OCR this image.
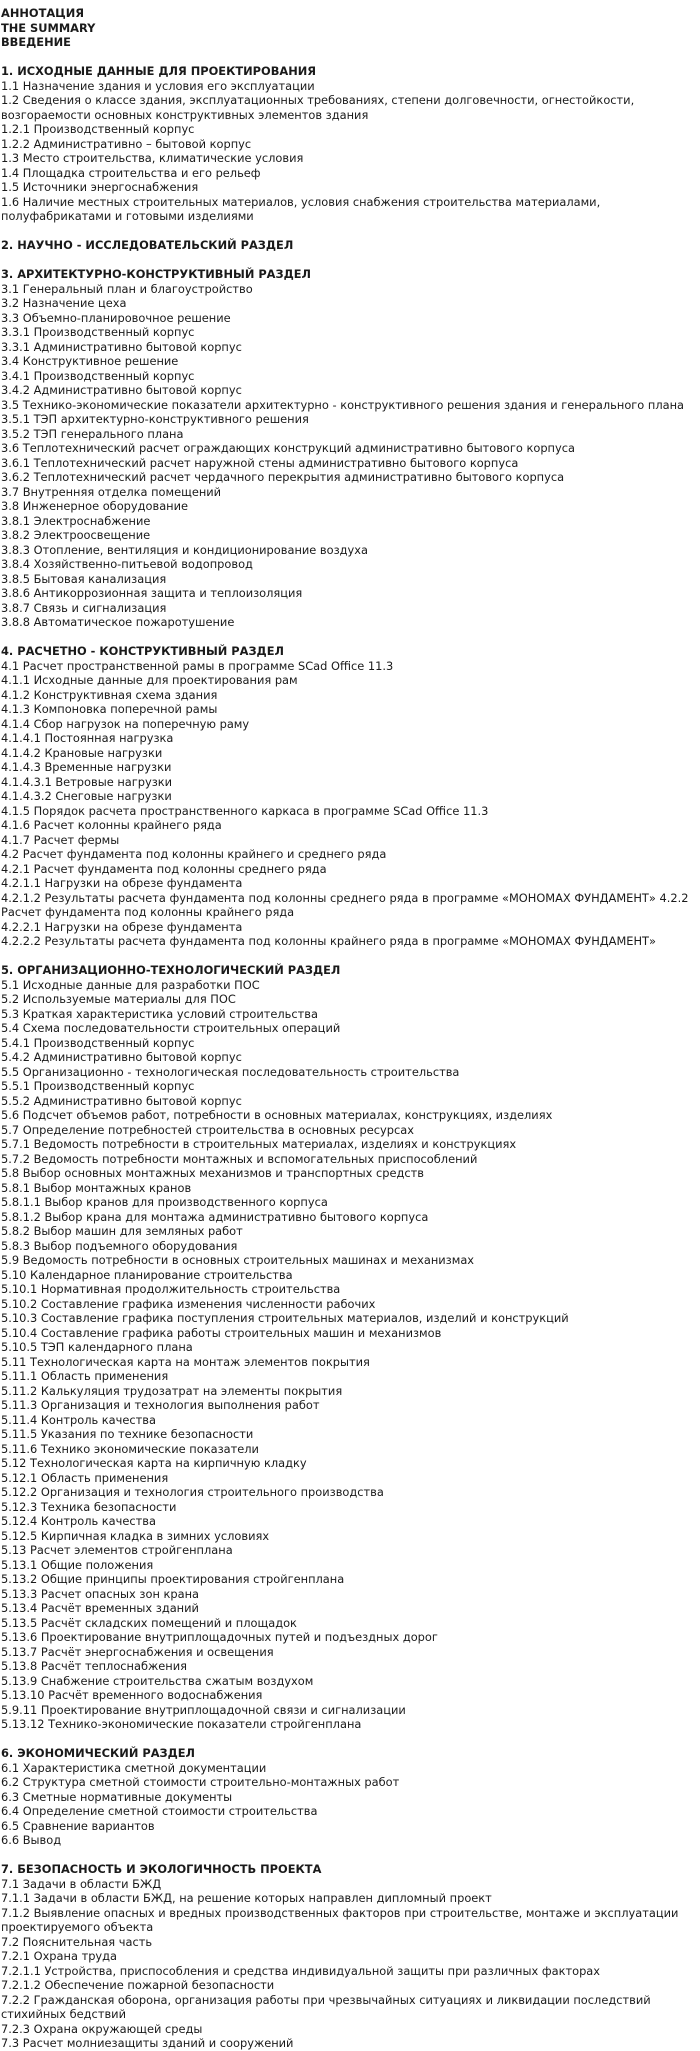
АННОТАЦИЯ
THE SUMMARY
ВВЕДЕНИЕ
1. ИСХОДНЫЕ ДАННЫЕ ДЛЯ ПРОЕКТИРОВАНИЯ
1.1 Назначение здания и условия его эксплуатации
1.2 Сведения о классе здания, эксплуатационных требованиях, степени долговечности, огнестойкости, возгораемости основных конструктивных элементов здания
1.2.1 Производственный корпус
1.2.2 Административно – бытовой корпус
1.3 Место строительства, климатические условия
1.4 Площадка строительства и его рельеф
1.5 Источники энергоснабжения
1.6 Наличие местных строительных материалов, условия снабжения строительства материалами, полуфабрикатами и готовыми изделиями
2. НАУЧНО - ИССЛЕДОВАТЕЛЬСКИЙ РАЗДЕЛ
3. АРХИТЕКТУРНО-КОНСТРУКТИВНЫЙ РАЗДЕЛ
3.1 Генеральный план и благоустройство
3.2 Назначение цеха
3.3 Объемно-планировочное решение
3.3.1 Производственный корпус
3.3.1 Административно бытовой корпус
3.4 Конструктивное решение
3.4.1 Производственный корпус
3.4.2 Административно бытовой корпус
3.5 Технико-экономические показатели архитектурно - конструктивного решения здания и генерального плана
3.5.1 ТЭП архитектурно-конструктивного решения
3.5.2 ТЭП генерального плана
3.6 Теплотехнический расчет ограждающих конструкций административно бытового корпуса
3.6.1 Теплотехнический расчет наружной стены административно бытового корпуса
3.6.2 Теплотехнический расчет чердачного перекрытия административно бытового корпуса
3.7 Внутренняя отделка помещений
3.8 Инженерное оборудование
3.8.1 Электроснабжение
3.8.2 Электроосвещение
3.8.3 Отопление, вентиляция и кондиционирование воздуха
3.8.4 Хозяйственно-питьевой водопровод
3.8.5 Бытовая канализация
3.8.6 Антикоррозионная защита и теплоизоляция
3.8.7 Связь и сигнализация
3.8.8 Автоматическое пожаротушение
4. РАСЧЕТНО - КОНСТРУКТИВНЫЙ РАЗДЕЛ
4.1 Расчет пространственной рамы в программе SCad Office 11.3
4.1.1 Исходные данные для проектирования рам
4.1.2 Конструктивная схема здания
4.1.3 Компоновка поперечной рамы
4.1.4 Сбор нагрузок на поперечную раму
4.1.4.1 Постоянная нагрузка
4.1.4.2 Крановые нагрузки
4.1.4.3 Временные нагрузки
4.1.4.3.1 Ветровые нагрузки
4.1.4.3.2 Снеговые нагрузки
4.1.5 Порядок расчета пространственного каркаса в программе SCad Office 11.3
4.1.6 Расчет колонны крайнего ряда
4.1.7 Расчет фермы
4.2 Расчет фундамента под колонны крайнего и среднего ряда
4.2.1 Расчет фундамента под колонны среднего ряда
4.2.1.1 Нагрузки на обрезе фундамента
4.2.1.2 Результаты расчета фундамента под колонны среднего ряда в программе «МОНОМАХ ФУНДАМЕНТ» 4.2.2 Расчет фундамента под колонны крайнего ряда
4.2.2.1 Нагрузки на обрезе фундамента
4.2.2.2 Результаты расчета фундамента под колонны крайнего ряда в программе «МОНОМАХ ФУНДАМЕНТ»
5. ОРГАНИЗАЦИОННО-ТЕХНОЛОГИЧЕСКИЙ РАЗДЕЛ
5.1 Исходные данные для разработки ПОС
5.2 Используемые материалы для ПОС
5.3 Краткая характеристика условий строительства
5.4 Схема последовательности строительных операций
5.4.1 Производственный корпус
5.4.2 Административно бытовой корпус
5.5 Организационно - технологическая последовательность строительства
5.5.1 Производственный корпус
5.5.2 Административно бытовой корпус
5.6 Подсчет объемов работ, потребности в основных материалах, конструкциях, изделиях
5.7 Определение потребностей строительства в основных ресурсах
5.7.1 Ведомость потребности в строительных материалах, изделиях и конструкциях
5.7.2 Ведомость потребности монтажных и вспомогательных приспособлений
5.8 Выбор основных монтажных механизмов и транспортных средств
5.8.1 Выбор монтажных кранов
5.8.1.1 Выбор кранов для производственного корпуса
5.8.1.2 Выбор крана для монтажа административно бытового корпуса
5.8.2 Выбор машин для земляных работ
5.8.3 Выбор подъемного оборудования
5.9 Ведомость потребности в основных строительных машинах и механизмах
5.10 Календарное планирование строительства
5.10.1 Нормативная продолжительность строительства
5.10.2 Составление графика изменения численности рабочих
5.10.3 Составление графика поступления строительных материалов, изделий и конструкций
5.10.4 Составление графика работы строительных машин и механизмов
5.10.5 ТЭП календарного плана
5.11 Технологическая карта на монтаж элементов покрытия
5.11.1 Область применения
5.11.2 Калькуляция трудозатрат на элементы покрытия
5.11.3 Организация и технология выполнения работ
5.11.4 Контроль качества
5.11.5 Указания по технике безопасности
5.11.6 Технико экономические показатели
5.12 Технологическая карта на кирпичную кладку
5.12.1 Область применения
5.12.2 Организация и технология строительного производства
5.12.3 Техника безопасности
5.12.4 Контроль качества
5.12.5 Кирпичная кладка в зимних условиях
5.13 Расчет элементов стройгенплана
5.13.1 Общие положения
5.13.2 Общие принципы проектирования стройгенплана
5.13.3 Расчет опасных зон крана
5.13.4 Расчёт временных зданий
5.13.5 Расчёт складских помещений и площадок
5.13.6 Проектирование внутриплощадочных путей и подъездных дорог
5.13.7 Расчёт энергоснабжения и освещения
5.13.8 Расчёт теплоснабжения
5.13.9 Снабжение строительства сжатым воздухом
5.13.10 Расчёт временного водоснабжения
5.9.11 Проектирование внутриплощадочной связи и сигнализации
5.13.12 Технико-экономические показатели стройгенплана
6. ЭКОНОМИЧЕСКИЙ РАЗДЕЛ
6.1 Характеристика сметной документации
6.2 Структура сметной стоимости строительно-монтажных работ
6.3 Сметные нормативные документы
6.4 Определение сметной стоимости строительства
6.5 Сравнение вариантов
6.6 Вывод
7. БЕЗОПАСНОСТЬ И ЭКОЛОГИЧНОСТЬ ПРОЕКТА
7.1 Задачи в области БЖД
7.1.1 Задачи в области БЖД, на решение которых направлен дипломный проект
7.1.2 Выявление опасных и вредных производственных факторов при строительстве, монтаже и эксплуатации проектируемого объекта
7.2 Пояснительная часть
7.2.1 Охрана труда
7.2.1.1 Устройства, приспособления и средства индивидуальной защиты при различных факторах
7.2.1.2 Обеспечение пожарной безопасности
7.2.2 Гражданская оборона, организация работы при чрезвычайных ситуациях и ликвидации последствий стихийных бедствий
7.2.3 Охрана окружающей среды
7.3 Расчет молниезащиты зданий и сооружений
